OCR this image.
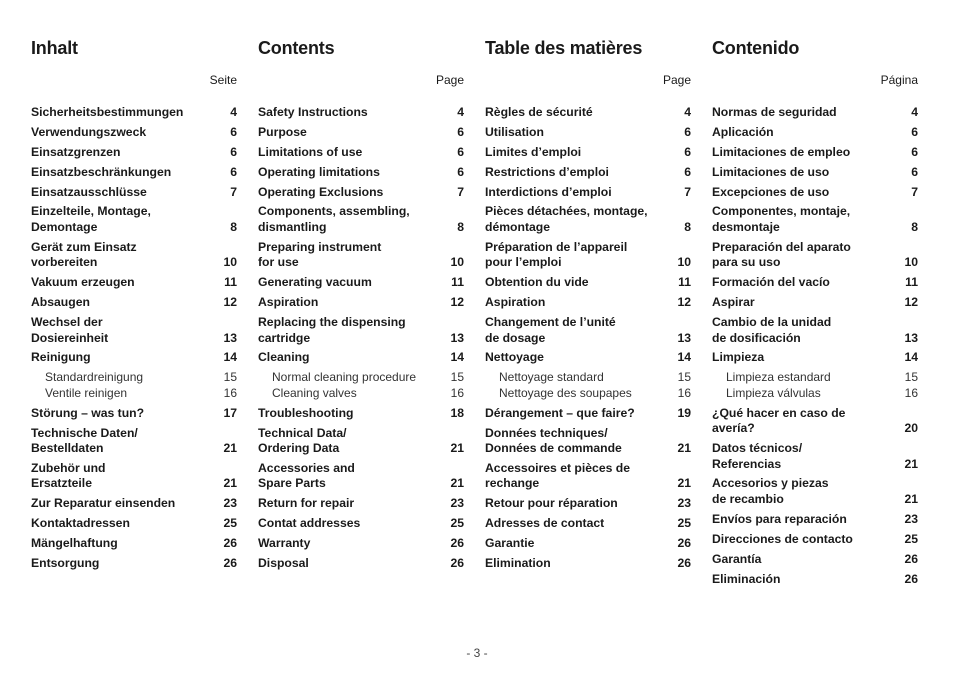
Inhalt
Seite
Sicherheitsbestimmungen	4
Verwendungszweck	6
Einsatzgrenzen	6
Einsatzbeschränkungen	6
Einsatzausschlüsse	7
Einzelteile, Montage,
Demontage	8
Gerät zum Einsatz
vorbereiten	10
Vakuum erzeugen	11
Absaugen	12
Wechsel der
Dosiereinheit	13
Reinigung	14
Standardreinigung	15
Ventile reinigen	16
Störung – was tun?	17
Technische Daten/
Bestelldaten	21
Zubehör und
Ersatzteile	21
Zur Reparatur einsenden	23
Kontaktadressen	25
Mängelhaftung	26
Entsorgung	26
Contents
Page
Safety Instructions	4
Purpose	6
Limitations of use	6
Operating limitations	6
Operating Exclusions	7
Components, assembling,
dismantling	8
Preparing instrument
for use	10
Generating vacuum	11
Aspiration	12
Replacing the dispensing
cartridge	13
Cleaning	14
Normal cleaning procedure	15
Cleaning valves	16
Troubleshooting	18
Technical Data/
Ordering Data	21
Accessories and
Spare Parts	21
Return for repair	23
Contat addresses	25
Warranty	26
Disposal	26
Table des matières
Page
Règles de sécurité	4
Utilisation	6
Limites d’emploi	6
Restrictions d’emploi	6
Interdictions d’emploi	7
Pièces détachées, montage,
démontage	8
Préparation de l’appareil
pour l’emploi	10
Obtention du vide	11
Aspiration	12
Changement de l’unité
de dosage	13
Nettoyage	14
Nettoyage standard	15
Nettoyage des soupapes	16
Dérangement – que faire?	19
Données techniques/
Données de commande	21
Accessoires et pièces de
rechange	21
Retour pour réparation	23
Adresses de contact	25
Garantie	26
Elimination	26
Contenido
Página
Normas de seguridad	4
Aplicación	6
Limitaciones de empleo	6
Limitaciones de uso	6
Excepciones de uso	7
Componentes, montaje,
desmontaje	8
Preparación del aparato
para su uso	10
Formación del vacío	11
Aspirar	12
Cambio de la unidad
de dosificación	13
Limpieza	14
Limpieza estandard	15
Limpieza válvulas	16
¿Qué hacer en caso de
avería?	20
Datos técnicos/
Referencias	21
Accesorios y piezas
de recambio	21
Envíos para reparación	23
Direcciones de contacto	25
Garantía	26
Eliminación	26
- 3 -
